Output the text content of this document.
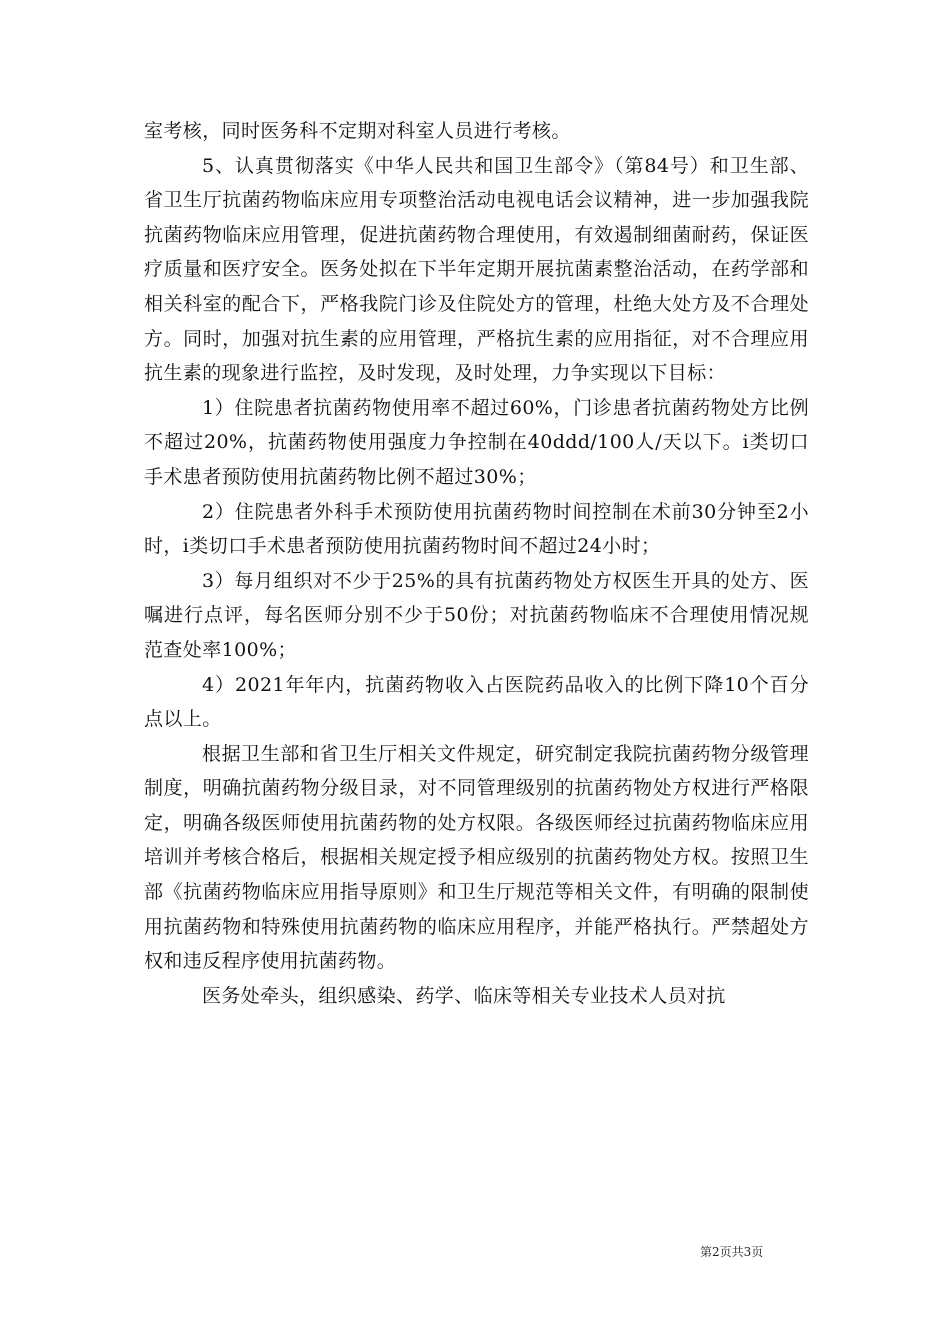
室考核，同时医务科不定期对科室人员进行考核。

5、认真贯彻落实《中华人民共和国卫生部令》（第84号）和卫生部、省卫生厅抗菌药物临床应用专项整治活动电视电话会议精神，进一步加强我院抗菌药物临床应用管理，促进抗菌药物合理使用，有效遏制细菌耐药，保证医疗质量和医疗安全。医务处拟在下半年定期开展抗菌素整治活动，在药学部和相关科室的配合下，严格我院门诊及住院处方的管理，杜绝大处方及不合理处方。同时，加强对抗生素的应用管理，严格抗生素的应用指征，对不合理应用抗生素的现象进行监控，及时发现，及时处理，力争实现以下目标：

1）住院患者抗菌药物使用率不超过60%，门诊患者抗菌药物处方比例不超过20%，抗菌药物使用强度力争控制在40ddd/100人/天以下。i类切口手术患者预防使用抗菌药物比例不超过30%；

2）住院患者外科手术预防使用抗菌药物时间控制在术前30分钟至2小时，i类切口手术患者预防使用抗菌药物时间不超过24小时；

3）每月组织对不少于25%的具有抗菌药物处方权医生开具的处方、医嘱进行点评，每名医师分别不少于50份；对抗菌药物临床不合理使用情况规范查处率100%；

4）2021年年内，抗菌药物收入占医院药品收入的比例下降10个百分点以上。

根据卫生部和省卫生厅相关文件规定，研究制定我院抗菌药物分级管理制度，明确抗菌药物分级目录，对不同管理级别的抗菌药物处方权进行严格限定，明确各级医师使用抗菌药物的处方权限。各级医师经过抗菌药物临床应用培训并考核合格后，根据相关规定授予相应级别的抗菌药物处方权。按照卫生部《抗菌药物临床应用指导原则》和卫生厅规范等相关文件，有明确的限制使用抗菌药物和特殊使用抗菌药物的临床应用程序，并能严格执行。严禁超处方权和违反程序使用抗菌药物。

医务处牵头，组织感染、药学、临床等相关专业技术人员对抗

第2页共3页
